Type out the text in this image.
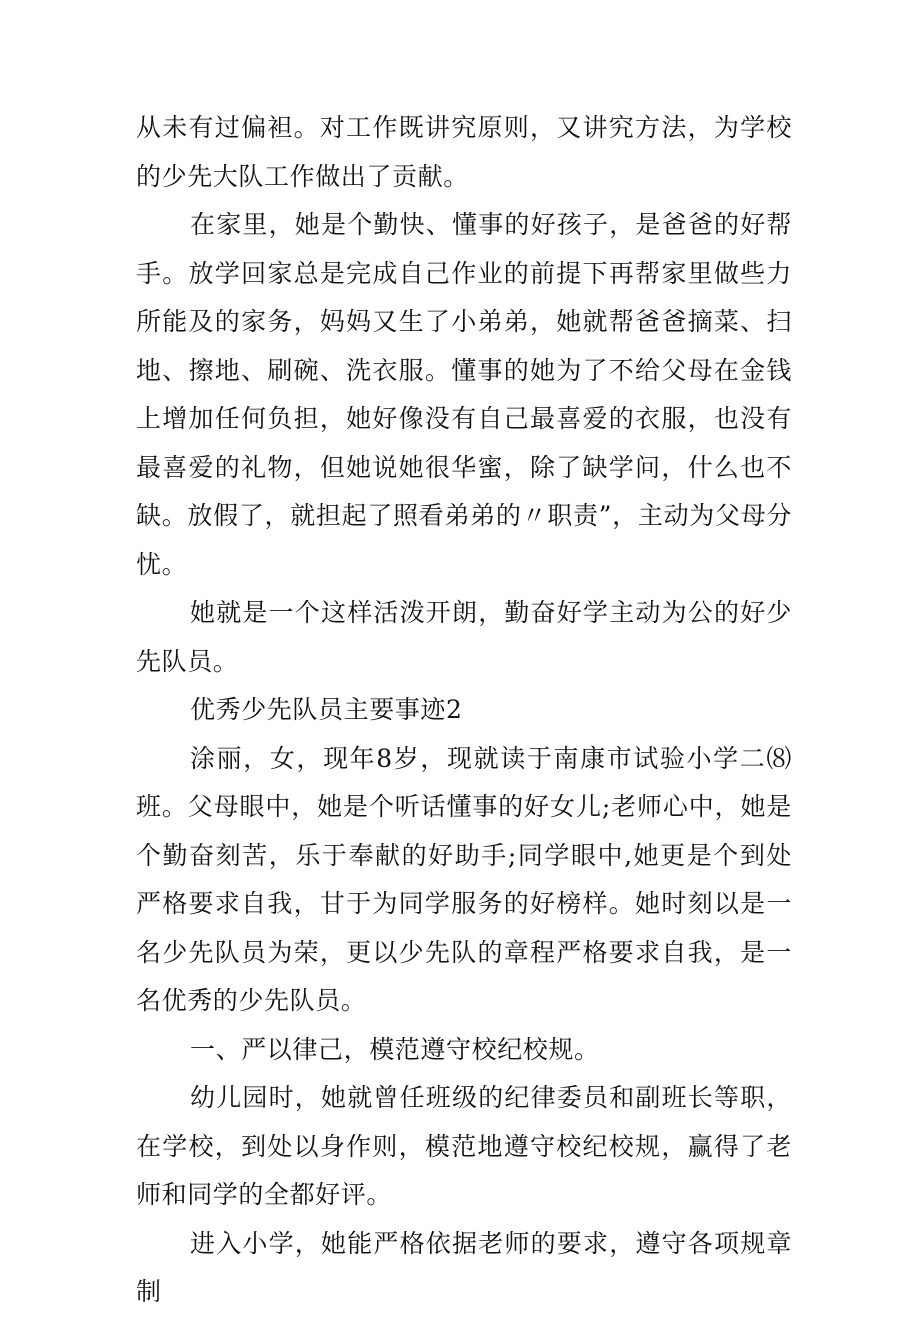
从未有过偏袒。对工作既讲究原则，又讲究方法，为学校的少先大队工作做出了贡献。

在家里，她是个勤快、懂事的好孩子，是爸爸的好帮手。放学回家总是完成自己作业的前提下再帮家里做些力所能及的家务，妈妈又生了小弟弟，她就帮爸爸摘菜、扫地、擦地、刷碗、洗衣服。懂事的她为了不给父母在金钱上增加任何负担，她好像没有自己最喜爱的衣服，也没有最喜爱的礼物，但她说她很华蜜，除了缺学问，什么也不缺。放假了，就担起了照看弟弟的〃职责”，主动为父母分忧。

她就是一个这样活泼开朗，勤奋好学主动为公的好少先队员。

优秀少先队员主要事迹2

涂丽，女，现年8岁，现就读于南康市试验小学二⑻班。父母眼中，她是个听话懂事的好女儿;老师心中，她是个勤奋刻苦，乐于奉献的好助手;同学眼中,她更是个到处严格要求自我，甘于为同学服务的好榜样。她时刻以是一名少先队员为荣，更以少先队的章程严格要求自我，是一名优秀的少先队员。

一、严以律己，模范遵守校纪校规。

幼儿园时，她就曾任班级的纪律委员和副班长等职，在学校，到处以身作则，模范地遵守校纪校规，赢得了老师和同学的全都好评。

进入小学，她能严格依据老师的要求，遵守各项规章制
